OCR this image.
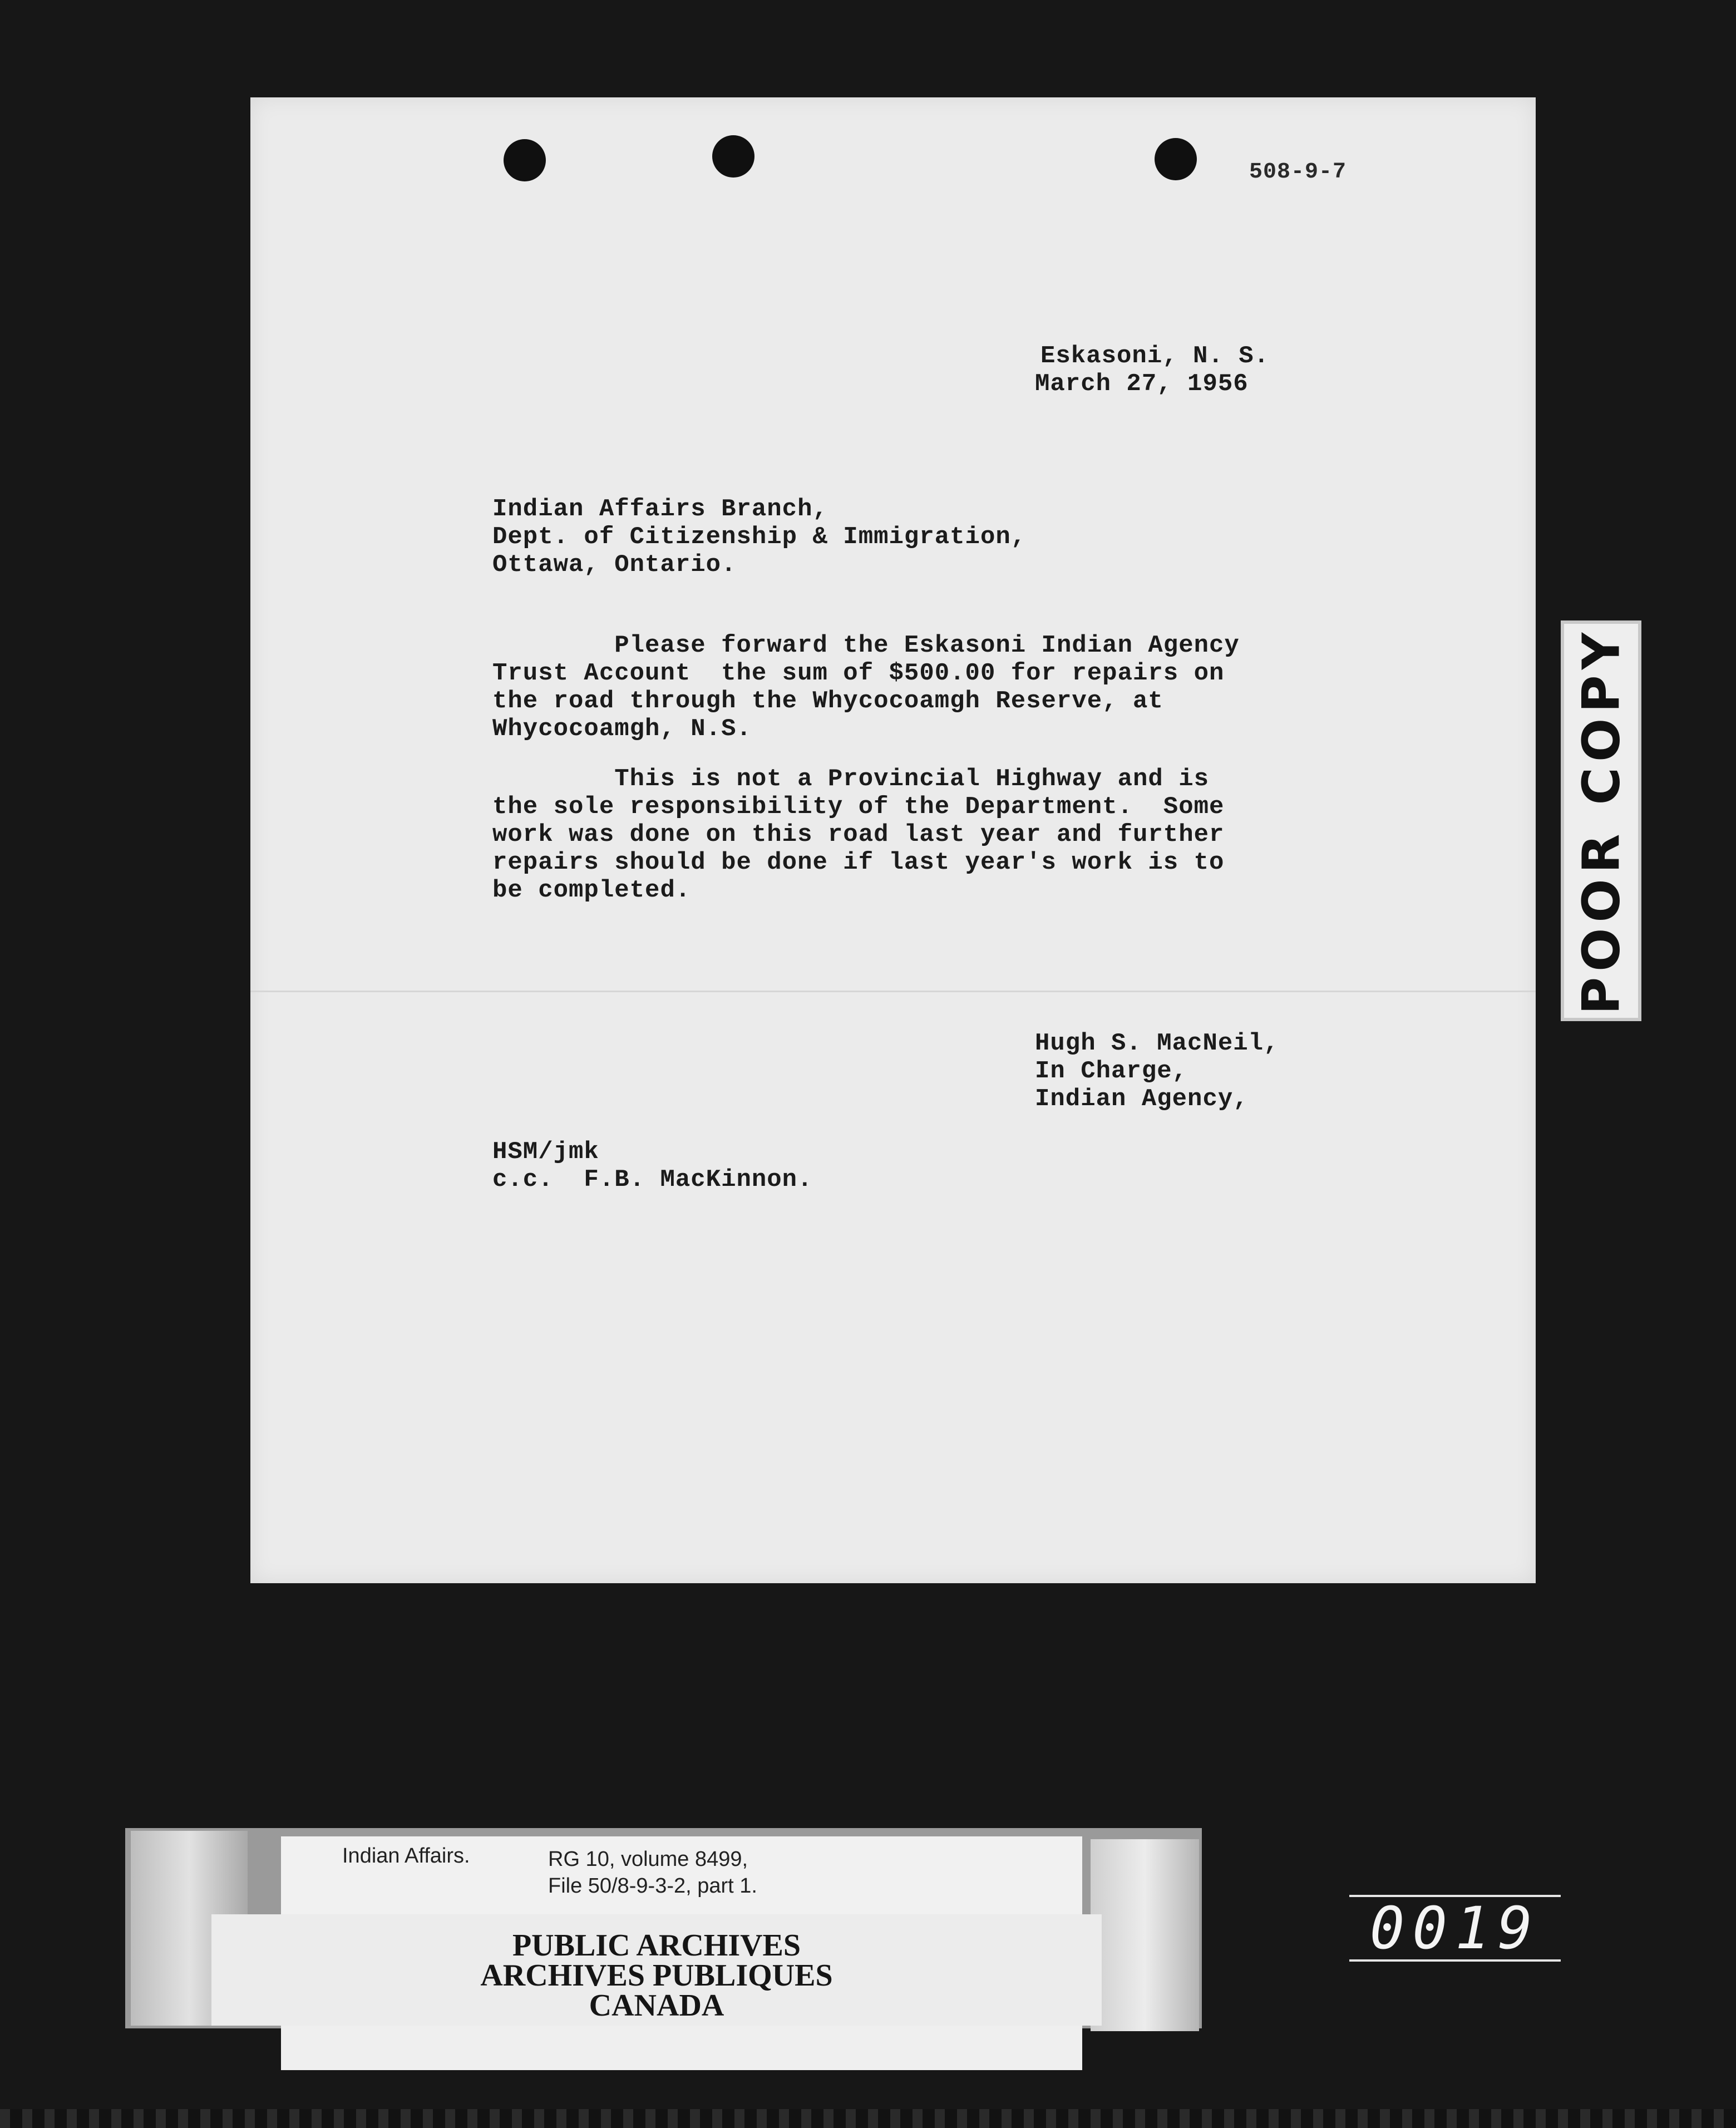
508-9-7
Eskasoni, N. S.
March 27, 1956
Indian Affairs Branch,
Dept. of Citizenship & Immigration,
Ottawa, Ontario.
Please forward the Eskasoni Indian Agency
Trust Account  the sum of $500.00 for repairs on
the road through the Whycocoamgh Reserve, at
Whycocoamgh, N.S.
This is not a Provincial Highway and is
the sole responsibility of the Department.  Some
work was done on this road last year and further
repairs should be done if last year's work is to
be completed.
Hugh S. MacNeil,
In Charge,
Indian Agency,
HSM/jmk
c.c.  F.B. MacKinnon.
POOR COPY
Indian Affairs.	RG 10, volume 8499,
File 50/8-9-3-2, part 1.
PUBLIC ARCHIVES
ARCHIVES PUBLIQUES
CANADA
0019
